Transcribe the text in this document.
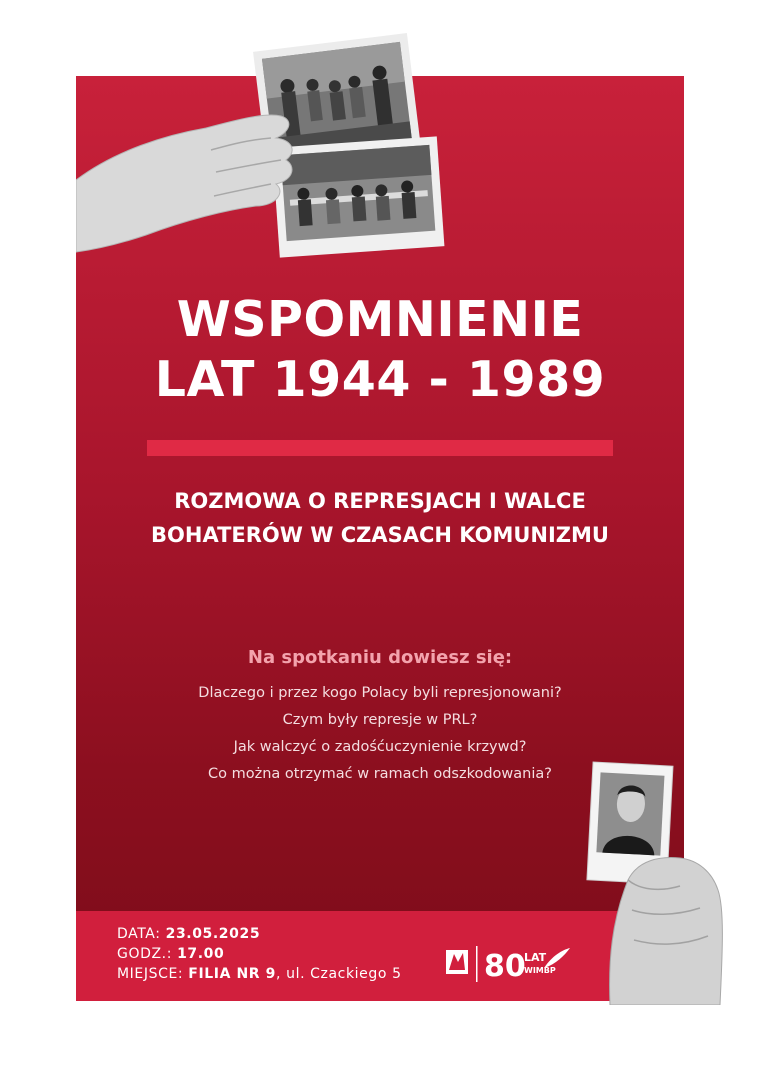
WSPOMNIENIE
LAT 1944 - 1989
ROZMOWA O REPRESJACH I WALCE
BOHATERÓW W CZASACH KOMUNIZMU
Na spotkaniu dowiesz się:
Dlaczego i przez kogo Polacy byli represjonowani?
Czym były represje w PRL?
Jak walczyć o zadośćuczynienie krzywd?
Co można otrzymać w ramach odszkodowania?
DATA: 23.05.2025
GODZ.: 17.00
MIEJSCE: FILIA NR 9, ul. Czackiego 5	80
LAT
WIMBP
